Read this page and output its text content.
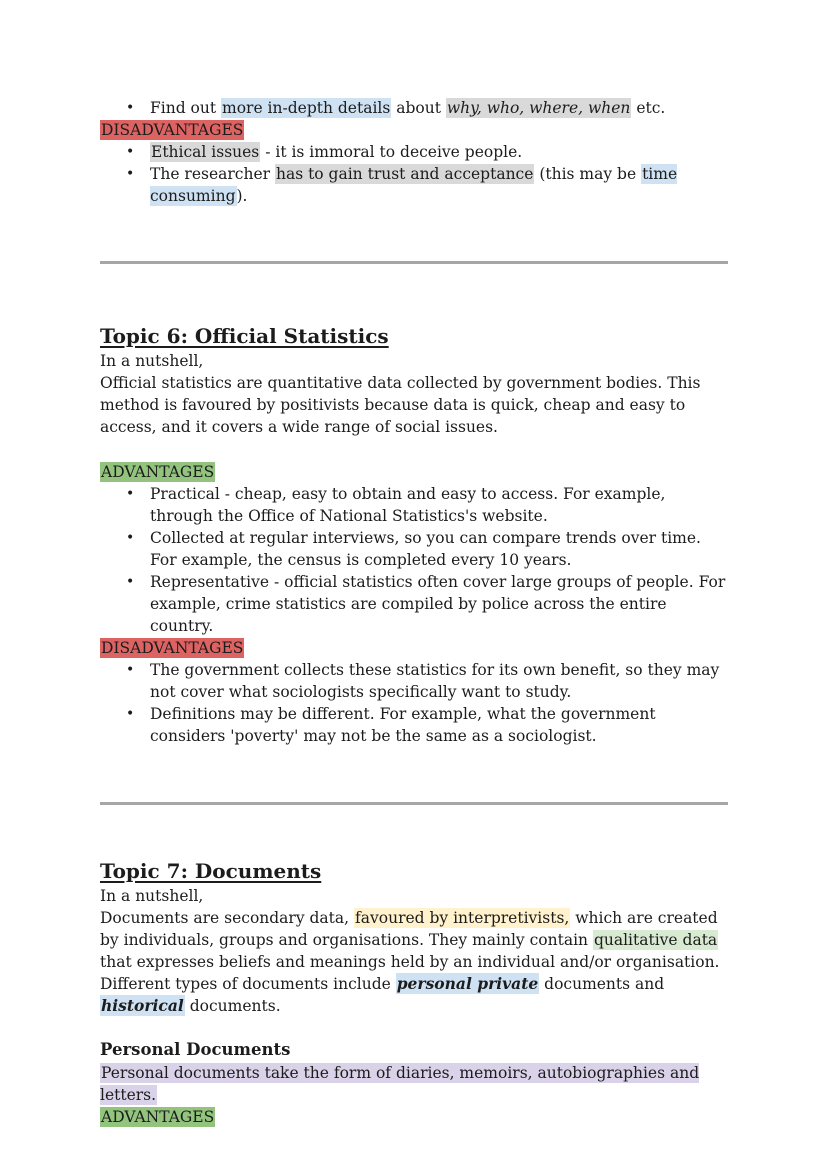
• Find out more in-depth details about why, who, where, when etc.
DISADVANTAGES
• Ethical issues - it is immoral to deceive people.
• The researcher has to gain trust and acceptance (this may be time consuming).
Topic 6: Official Statistics
In a nutshell,
Official statistics are quantitative data collected by government bodies. This method is favoured by positivists because data is quick, cheap and easy to access, and it covers a wide range of social issues.
ADVANTAGES
• Practical - cheap, easy to obtain and easy to access. For example, through the Office of National Statistics's website.
• Collected at regular interviews, so you can compare trends over time. For example, the census is completed every 10 years.
• Representative - official statistics often cover large groups of people. For example, crime statistics are compiled by police across the entire country.
DISADVANTAGES
• The government collects these statistics for its own benefit, so they may not cover what sociologists specifically want to study.
• Definitions may be different. For example, what the government considers 'poverty' may not be the same as a sociologist.
Topic 7: Documents
In a nutshell,
Documents are secondary data, favoured by interpretivists, which are created by individuals, groups and organisations. They mainly contain qualitative data that expresses beliefs and meanings held by an individual and/or organisation. Different types of documents include personal private documents and historical documents.
Personal Documents
Personal documents take the form of diaries, memoirs, autobiographies and letters.
ADVANTAGES
